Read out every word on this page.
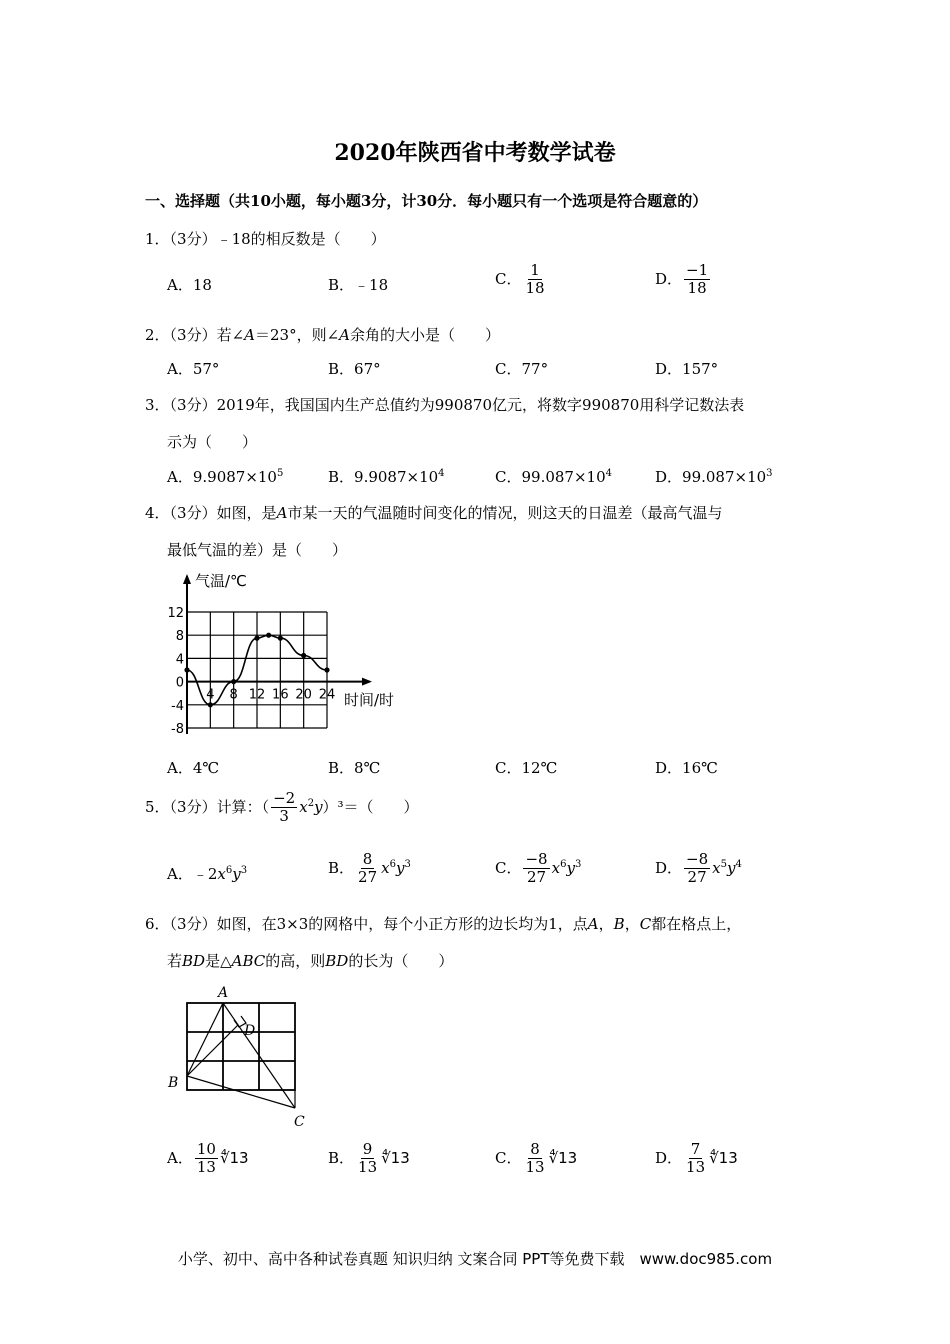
2020年陕西省中考数学试卷
一、选择题（共10小题，每小题3分，计30分．每小题只有一个选项是符合题意的）
1．（3分）﹣18的相反数是（　　）
A．18	B．﹣18	C． $\frac{1}{18}$	D． $\frac{-1}{18}$
2．（3分）若∠A＝23°，则∠A余角的大小是（　　）
A．57°	B．67°	C．77°	D．157°
3．（3分）2019年，我国国内生产总值约为990870亿元，将数字990870用科学记数法表
示为（　　）
A．$9.9087\times 10^5$	B．$9.9087\times 10^4$	C．$99.087\times 10^4$	D．$99.087\times 10^3$
4．（3分）如图，是A市某一天的气温随时间变化的情况，则这天的日温差（最高气温与
最低气温的差）是（　　）
12
8
4
0
-4
-8
4 8 12 16 20 24
气温/℃
时间/时
A．4℃	B．8℃	C．12℃	D．16℃
5．（3分）计算：（ $\frac{-2}{3} x^2y)^3=$（　　）
A．$﹣2x^6y^3$	B． $\frac{8}{27} x^6y^3$	C． $\frac{-8}{27} x^6y^3$	D． $\frac{-8}{27} x^5y^4$
6．（3分）如图，在3×3的网格中，每个小正方形的边长均为1，点A，B，C都在格点上，
若BD是△ABC的高，则BD的长为（　　）
A
D
B
C
A． $\frac{10}{13}$ ∜13	B． $\frac{9}{13}$ ∜13	C． $\frac{8}{13}$ ∜13	D． $\frac{7}{13}$ ∜13
小学、初中、高中各种试卷真题 知识归纳 文案合同 PPT等免费下载　www.doc985.com
